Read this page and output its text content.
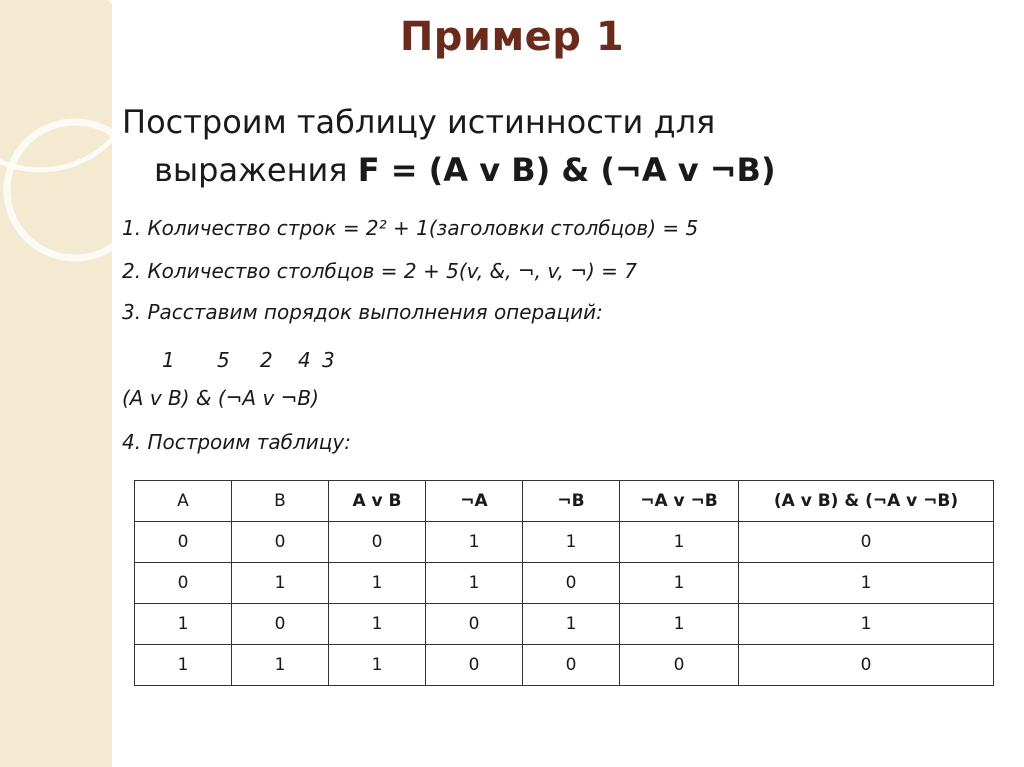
Пример 1
Построим таблицу истинности для
выражения F = (A v B) & (¬A v ¬B)
1. Количество строк = 2² + 1(заголовки столбцов) = 5
2. Количество столбцов = 2 + 5(v, &, ¬, v, ¬) = 7
3. Расставим порядок выполнения операций:
1 5 2 4 3
(A v B) & (¬A v ¬B)
4. Построим таблицу:
A	B	A v B	¬A	¬B	¬A v ¬B	(A v B) & (¬A v ¬B)
0	0	0	1	1	1	0
0	1	1	1	0	1	1
1	0	1	0	1	1	1
1	1	1	0	0	0	0
